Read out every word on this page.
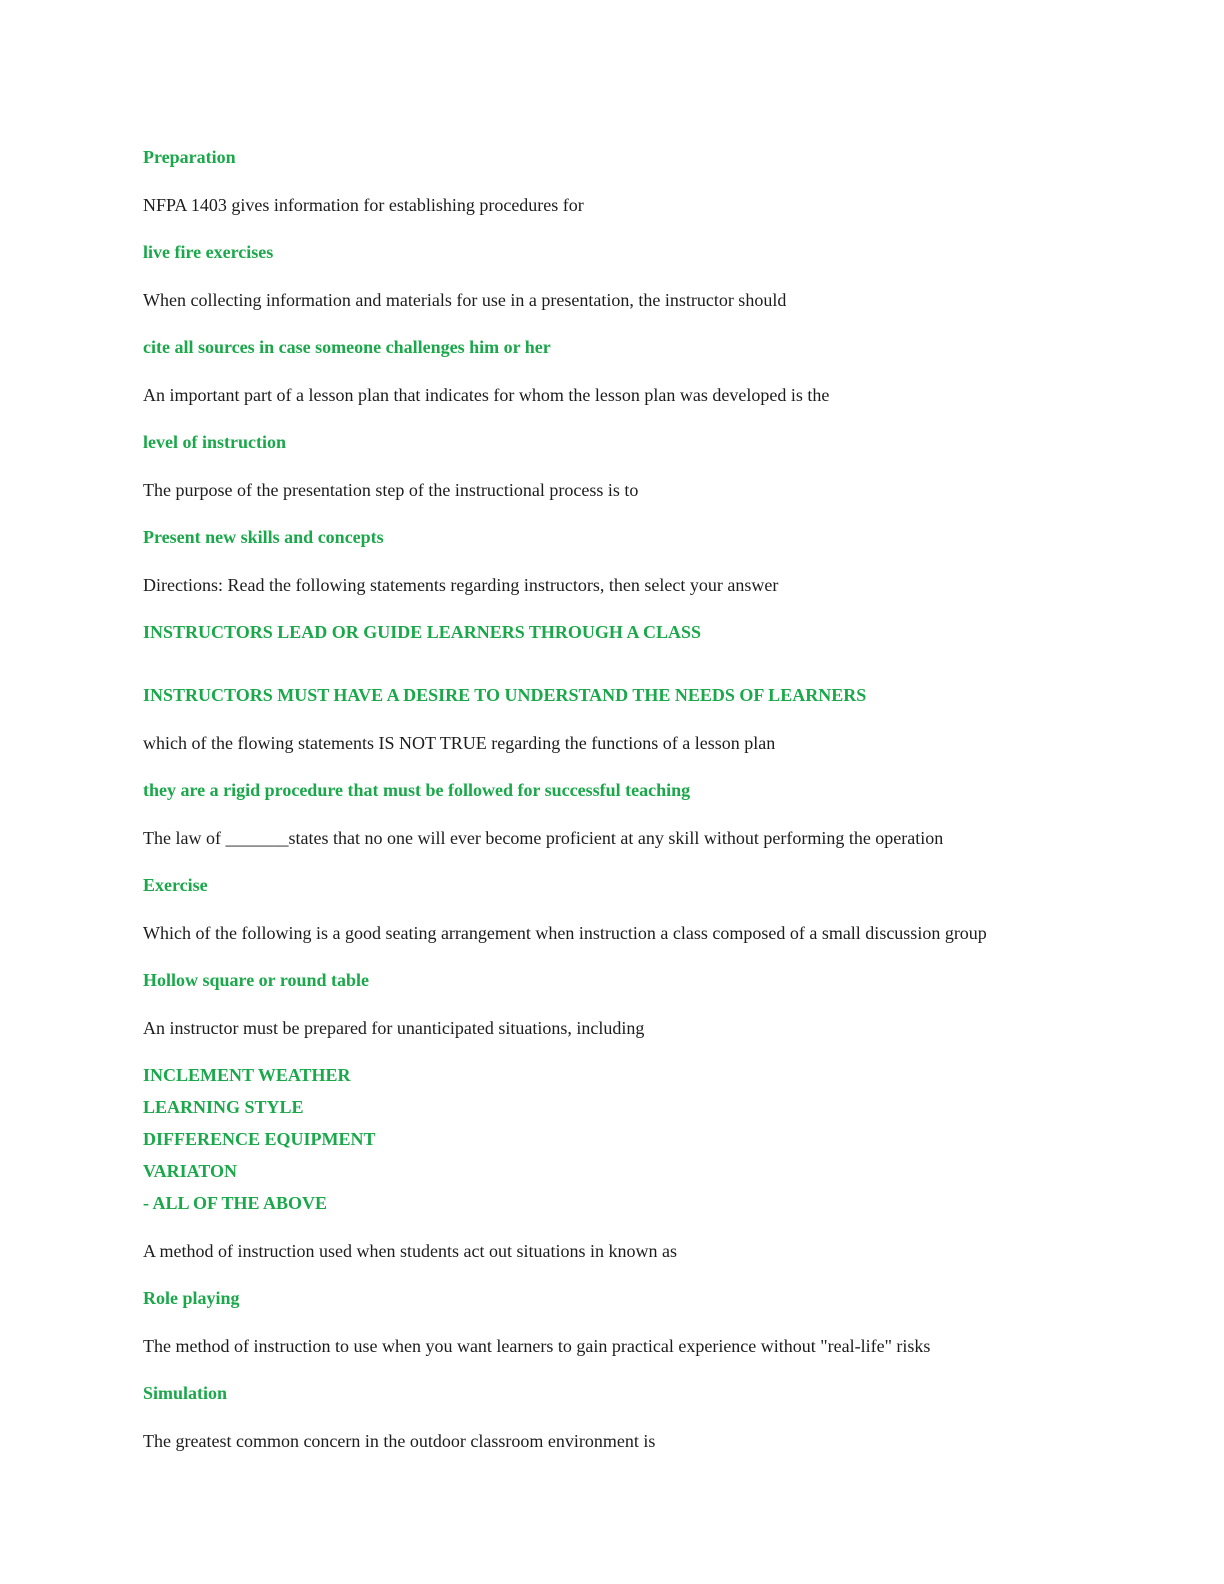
Preparation
NFPA 1403 gives information for establishing procedures for
live fire exercises
When collecting information and materials for use in a presentation, the instructor should
cite all sources in case someone challenges him or her
An important part of a lesson plan that indicates for whom the lesson plan was developed is the
level of instruction
The purpose of the presentation step of the instructional process is to
Present new skills and concepts
Directions: Read the following statements regarding instructors, then select your answer
INSTRUCTORS LEAD OR GUIDE LEARNERS THROUGH A CLASS
INSTRUCTORS MUST HAVE A DESIRE TO UNDERSTAND THE NEEDS OF LEARNERS
which of the flowing statements IS NOT TRUE regarding the functions of a lesson plan
they are a rigid procedure that must be followed for successful teaching
The law of _______states that no one will ever become proficient at any skill without performing the operation
Exercise
Which of the following is a good seating arrangement when instruction a class composed of a small discussion group
Hollow square or round table
An instructor must be prepared for unanticipated situations, including
INCLEMENT WEATHER
LEARNING STYLE
DIFFERENCE EQUIPMENT
VARIATON
- ALL OF THE ABOVE
A method of instruction used when students act out situations in known as
Role playing
The method of instruction to use when you want learners to gain practical experience without "real-life" risks
Simulation
The greatest common concern in the outdoor classroom environment is
